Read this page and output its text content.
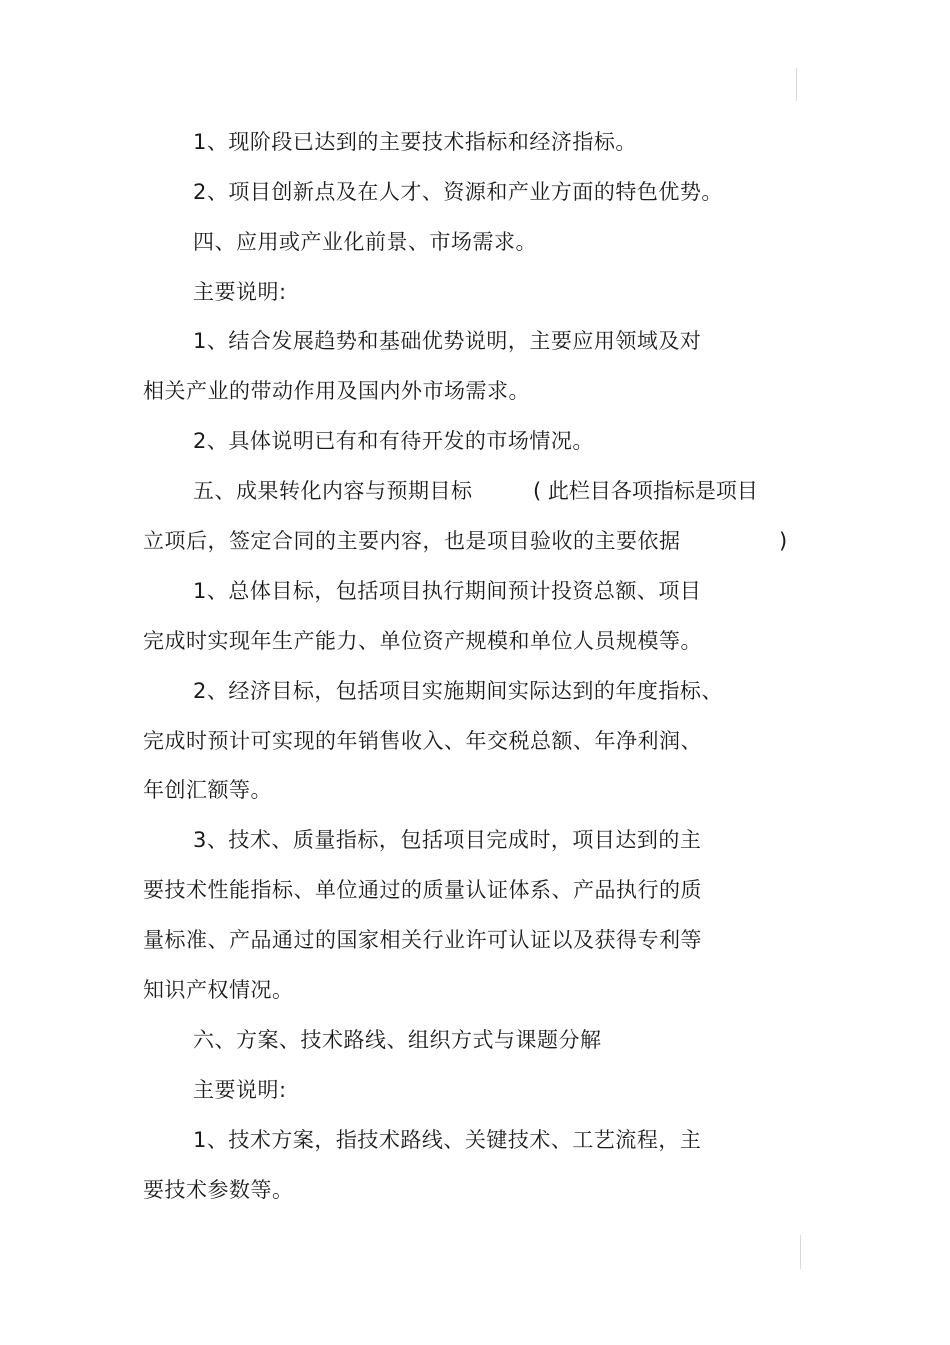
1、现阶段已达到的主要技术指标和经济指标。
2、项目创新点及在人才、资源和产业方面的特色优势。
四、应用或产业化前景、市场需求。
主要说明:
1、结合发展趋势和基础优势说明，主要应用领域及对
相关产业的带动作用及国内外市场需求。
2、具体说明已有和有待开发的市场情况。
五、成果转化内容与预期目标	( 此栏目各项指标是项目
立项后，签定合同的主要内容，也是项目验收的主要依据	)
1、总体目标，包括项目执行期间预计投资总额、项目
完成时实现年生产能力、单位资产规模和单位人员规模等。
2、经济目标，包括项目实施期间实际达到的年度指标、
完成时预计可实现的年销售收入、年交税总额、年净利润、
年创汇额等。
3、技术、质量指标，包括项目完成时，项目达到的主
要技术性能指标、单位通过的质量认证体系、产品执行的质
量标准、产品通过的国家相关行业许可认证以及获得专利等
知识产权情况。
六、方案、技术路线、组织方式与课题分解
主要说明:
1、技术方案，指技术路线、关键技术、工艺流程，主
要技术参数等。
